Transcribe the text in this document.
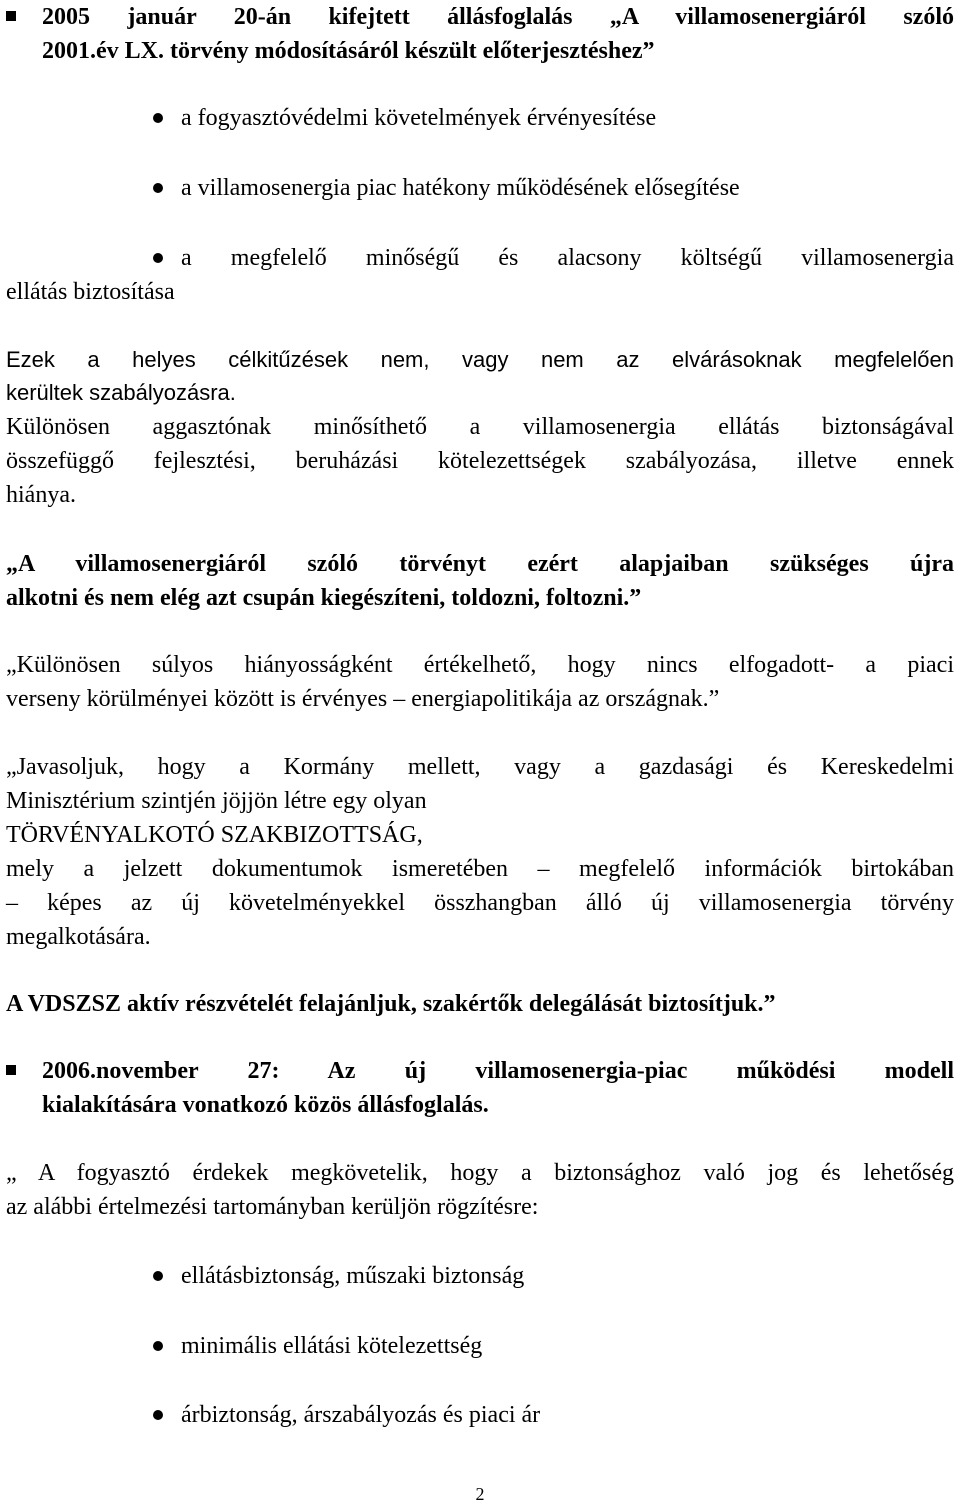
2005 január 20-án kifejtett állásfoglalás „A villamosenergiáról szóló
2001.év LX. törvény módosításáról készült előterjesztéshez”
a fogyasztóvédelmi követelmények érvényesítése
a villamosenergia piac hatékony működésének elősegítése
a megfelelő minőségű és alacsony költségű villamosenergia
ellátás biztosítása
Ezek a helyes célkitűzések nem, vagy nem az elvárásoknak megfelelően
kerültek szabályozásra.
Különösen aggasztónak minősíthető a villamosenergia ellátás biztonságával
összefüggő fejlesztési, beruházási kötelezettségek szabályozása, illetve ennek
hiánya.
„A villamosenergiáról szóló törvényt ezért alapjaiban szükséges újra
alkotni és nem elég azt csupán kiegészíteni, toldozni, foltozni.”
„Különösen súlyos hiányosságként értékelhető, hogy nincs elfogadott- a piaci
verseny körülményei között is érvényes – energiapolitikája az országnak.”
„Javasoljuk, hogy a Kormány mellett, vagy a gazdasági és Kereskedelmi
Minisztérium szintjén jöjjön létre egy olyan
TÖRVÉNYALKOTÓ SZAKBIZOTTSÁG,
mely a jelzett dokumentumok ismeretében – megfelelő információk birtokában
– képes az új követelményekkel összhangban álló új villamosenergia törvény
megalkotására.
A VDSZSZ aktív részvételét felajánljuk, szakértők delegálását biztosítjuk.”
2006.november 27: Az új villamosenergia-piac működési modell
kialakítására vonatkozó közös állásfoglalás.
„ A fogyasztó érdekek megkövetelik, hogy a biztonsághoz való jog és lehetőség
az alábbi értelmezési tartományban kerüljön rögzítésre:
ellátásbiztonság, műszaki biztonság
minimális ellátási kötelezettség
árbiztonság, árszabályozás és piaci ár
2
